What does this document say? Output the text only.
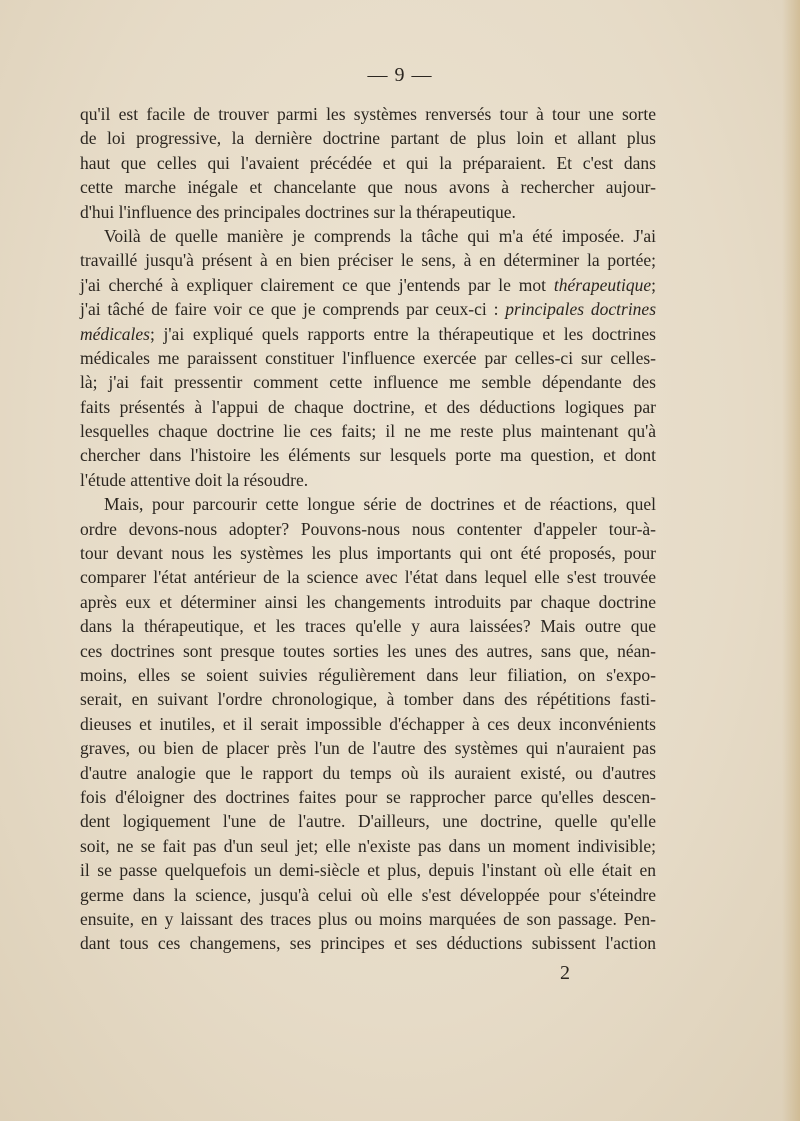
— 9 —
qu'il est facile de trouver parmi les systèmes renversés tour à tour une sorte
de loi progressive, la dernière doctrine partant de plus loin et allant plus
haut que celles qui l'avaient précédée et qui la préparaient. Et c'est dans
cette marche inégale et chancelante que nous avons à rechercher aujour-
d'hui l'influence des principales doctrines sur la thérapeutique.
Voilà de quelle manière je comprends la tâche qui m'a été imposée. J'ai
travaillé jusqu'à présent à en bien préciser le sens, à en déterminer la portée;
j'ai cherché à expliquer clairement ce que j'entends par le mot thérapeutique;
j'ai tâché de faire voir ce que je comprends par ceux-ci : principales doctrines
médicales; j'ai expliqué quels rapports entre la thérapeutique et les doctrines
médicales me paraissent constituer l'influence exercée par celles-ci sur celles-
là; j'ai fait pressentir comment cette influence me semble dépendante des
faits présentés à l'appui de chaque doctrine, et des déductions logiques par
lesquelles chaque doctrine lie ces faits; il ne me reste plus maintenant qu'à
chercher dans l'histoire les éléments sur lesquels porte ma question, et dont
l'étude attentive doit la résoudre.
Mais, pour parcourir cette longue série de doctrines et de réactions, quel
ordre devons-nous adopter? Pouvons-nous nous contenter d'appeler tour-à-
tour devant nous les systèmes les plus importants qui ont été proposés, pour
comparer l'état antérieur de la science avec l'état dans lequel elle s'est trouvée
après eux et déterminer ainsi les changements introduits par chaque doctrine
dans la thérapeutique, et les traces qu'elle y aura laissées? Mais outre que
ces doctrines sont presque toutes sorties les unes des autres, sans que, néan-
moins, elles se soient suivies régulièrement dans leur filiation, on s'expo-
serait, en suivant l'ordre chronologique, à tomber dans des répétitions fasti-
dieuses et inutiles, et il serait impossible d'échapper à ces deux inconvénients
graves, ou bien de placer près l'un de l'autre des systèmes qui n'auraient pas
d'autre analogie que le rapport du temps où ils auraient existé, ou d'autres
fois d'éloigner des doctrines faites pour se rapprocher parce qu'elles descen-
dent logiquement l'une de l'autre. D'ailleurs, une doctrine, quelle qu'elle
soit, ne se fait pas d'un seul jet; elle n'existe pas dans un moment indivisible;
il se passe quelquefois un demi-siècle et plus, depuis l'instant où elle était en
germe dans la science, jusqu'à celui où elle s'est développée pour s'éteindre
ensuite, en y laissant des traces plus ou moins marquées de son passage. Pen-
dant tous ces changemens, ses principes et ses déductions subissent l'action
2
